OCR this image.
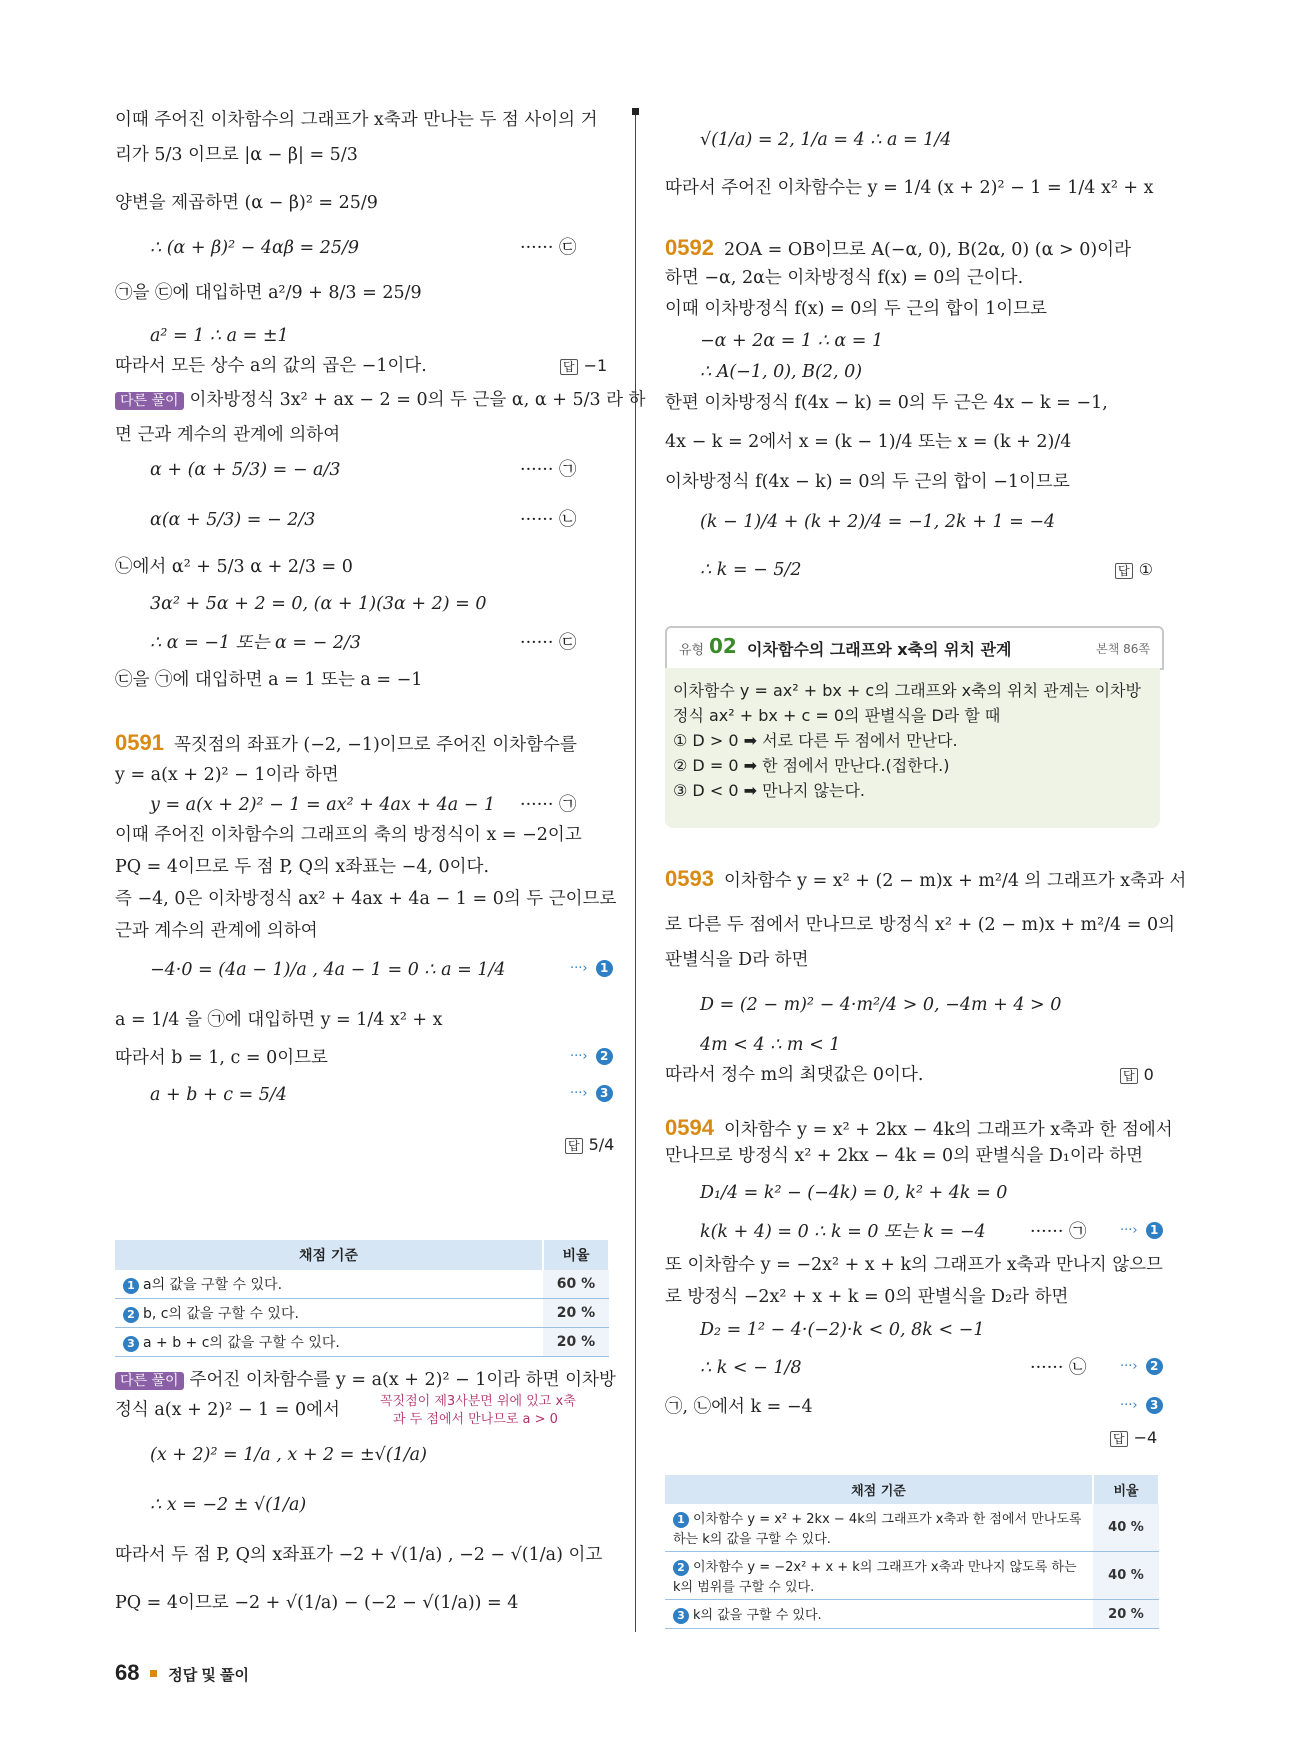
이때 주어진 이차함수의 그래프가 x축과 만나는 두 점 사이의 거
리가 5/3 이므로 |α − β| = 5/3
양변을 제곱하면 (α − β)² = 25/9
∴ (α + β)² − 4αβ = 25/9	······ ㉢
㉠을 ㉢에 대입하면 a²/9 + 8/3 = 25/9
a² = 1 ∴ a = ±1
따라서 모든 상수 a의 값의 곱은 −1이다.	답 −1
다른 풀이 이차방정식 3x² + ax − 2 = 0의 두 근을 α, α + 5/3 라 하
면 근과 계수의 관계에 의하여
α + (α + 5/3) = − a/3	······ ㉠
α(α + 5/3) = − 2/3	······ ㉡
㉡에서 α² + 5/3 α + 2/3 = 0
3α² + 5α + 2 = 0, (α + 1)(3α + 2) = 0
∴ α = −1 또는 α = − 2/3	······ ㉢
㉢을 ㉠에 대입하면 a = 1 또는 a = −1
0591 꼭짓점의 좌표가 (−2, −1)이므로 주어진 이차함수를
y = a(x + 2)² − 1이라 하면
y = a(x + 2)² − 1 = ax² + 4ax + 4a − 1 ······ ㉠
이때 주어진 이차함수의 그래프의 축의 방정식이 x = −2이고
PQ = 4이므로 두 점 P, Q의 x좌표는 −4, 0이다.
즉 −4, 0은 이차방정식 ax² + 4ax + 4a − 1 = 0의 두 근이므로
근과 계수의 관계에 의하여
−4·0 = (4a − 1)/a , 4a − 1 = 0 ∴ a = 1/4	···› 1
a = 1/4 을 ㉠에 대입하면 y = 1/4 x² + x
따라서 b = 1, c = 0이므로	···› 2
a + b + c = 5/4	···› 3
답 5/4
채점 기준	비율
1 a의 값을 구할 수 있다.	60 %
2 b, c의 값을 구할 수 있다.	20 %
3 a + b + c의 값을 구할 수 있다.	20 %
다른 풀이 주어진 이차함수를 y = a(x + 2)² − 1이라 하면 이차방
꼭짓점이 제3사분면 위에 있고 x축
과 두 점에서 만나므로 a > 0
정식 a(x + 2)² − 1 = 0에서
(x + 2)² = 1/a , x + 2 = ±√(1/a)
∴ x = −2 ± √(1/a)
따라서 두 점 P, Q의 x좌표가 −2 + √(1/a) , −2 − √(1/a) 이고
PQ = 4이므로 −2 + √(1/a) − (−2 − √(1/a)) = 4
√(1/a) = 2, 1/a = 4 ∴ a = 1/4
따라서 주어진 이차함수는 y = 1/4 (x + 2)² − 1 = 1/4 x² + x
0592 2OA = OB이므로 A(−α, 0), B(2α, 0) (α > 0)이라
하면 −α, 2α는 이차방정식 f(x) = 0의 근이다.
이때 이차방정식 f(x) = 0의 두 근의 합이 1이므로
−α + 2α = 1 ∴ α = 1
∴ A(−1, 0), B(2, 0)
한편 이차방정식 f(4x − k) = 0의 두 근은 4x − k = −1,
4x − k = 2에서 x = (k − 1)/4 또는 x = (k + 2)/4
이차방정식 f(4x − k) = 0의 두 근의 합이 −1이므로
(k − 1)/4 + (k + 2)/4 = −1, 2k + 1 = −4
∴ k = − 5/2	답 ①
유형 02 이차함수의 그래프와 x축의 위치 관계	본책 86쪽
이차함수 y = ax² + bx + c의 그래프와 x축의 위치 관계는 이차방
정식 ax² + bx + c = 0의 판별식을 D라 할 때
① D > 0 ➡ 서로 다른 두 점에서 만난다.
② D = 0 ➡ 한 점에서 만난다.(접한다.)
③ D < 0 ➡ 만나지 않는다.
0593 이차함수 y = x² + (2 − m)x + m²/4 의 그래프가 x축과 서
로 다른 두 점에서 만나므로 방정식 x² + (2 − m)x + m²/4 = 0의
판별식을 D라 하면
D = (2 − m)² − 4·m²/4 > 0, −4m + 4 > 0
4m < 4 ∴ m < 1
따라서 정수 m의 최댓값은 0이다.	답 0
0594 이차함수 y = x² + 2kx − 4k의 그래프가 x축과 한 점에서
만나므로 방정식 x² + 2kx − 4k = 0의 판별식을 D₁이라 하면
D₁/4 = k² − (−4k) = 0, k² + 4k = 0
k(k + 4) = 0 ∴ k = 0 또는 k = −4	······ ㉠	···› 1
또 이차함수 y = −2x² + x + k의 그래프가 x축과 만나지 않으므
로 방정식 −2x² + x + k = 0의 판별식을 D₂라 하면
D₂ = 1² − 4·(−2)·k < 0, 8k < −1
∴ k < − 1/8	······ ㉡	···› 2
㉠, ㉡에서 k = −4	···› 3
답 −4
채점 기준	비율
1 이차함수 y = x² + 2kx − 4k의 그래프가 x축과 한 점에서 만나도록 하는 k의 값을 구할 수 있다.	40 %
2 이차함수 y = −2x² + x + k의 그래프가 x축과 만나지 않도록 하는 k의 범위를 구할 수 있다.	40 %
3 k의 값을 구할 수 있다.	20 %
68 정답 및 풀이
